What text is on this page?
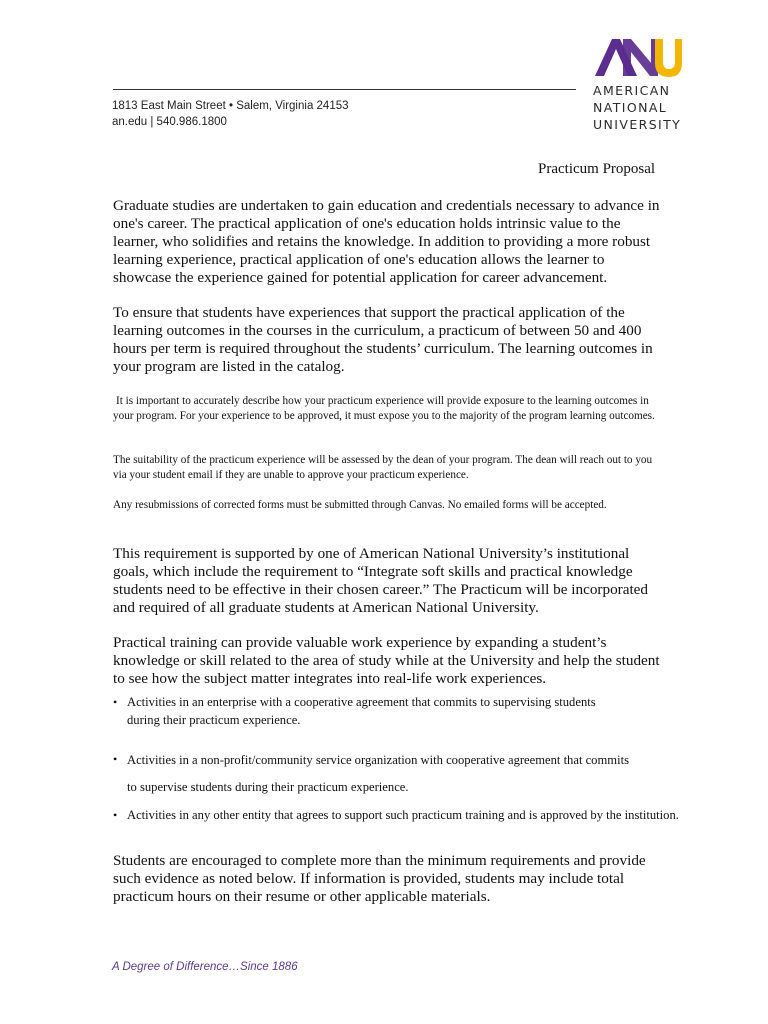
1813 East Main Street • Salem, Virginia 24153
an.edu | 540.986.1800
AMERICAN
NATIONAL
UNIVERSITY
Practicum Proposal

Graduate studies are undertaken to gain education and credentials necessary to advance in one's career. The practical application of one's education holds intrinsic value to the learner, who solidifies and retains the knowledge. In addition to providing a more robust learning experience, practical application of one's education allows the learner to showcase the experience gained for potential application for career advancement.

To ensure that students have experiences that support the practical application of the learning outcomes in the courses in the curriculum, a practicum of between 50 and 400 hours per term is required throughout the students’ curriculum. The learning outcomes in your program are listed in the catalog.

It is important to accurately describe how your practicum experience will provide exposure to the learning outcomes in your program. For your experience to be approved, it must expose you to the majority of the program learning outcomes.

The suitability of the practicum experience will be assessed by the dean of your program. The dean will reach out to you via your student email if they are unable to approve your practicum experience.

Any resubmissions of corrected forms must be submitted through Canvas. No emailed forms will be accepted.

This requirement is supported by one of American National University’s institutional goals, which include the requirement to “Integrate soft skills and practical knowledge students need to be effective in their chosen career.” The Practicum will be incorporated and required of all graduate students at American National University.

Practical training can provide valuable work experience by expanding a student’s knowledge or skill related to the area of study while at the University and help the student to see how the subject matter integrates into real-life work experiences.

• Activities in an enterprise with a cooperative agreement that commits to supervising students during their practicum experience.
• Activities in a non-profit/community service organization with cooperative agreement that commits to supervise students during their practicum experience.
• Activities in any other entity that agrees to support such practicum training and is approved by the institution.

Students are encouraged to complete more than the minimum requirements and provide such evidence as noted below. If information is provided, students may include total practicum hours on their resume or other applicable materials.

A Degree of Difference…Since 1886
